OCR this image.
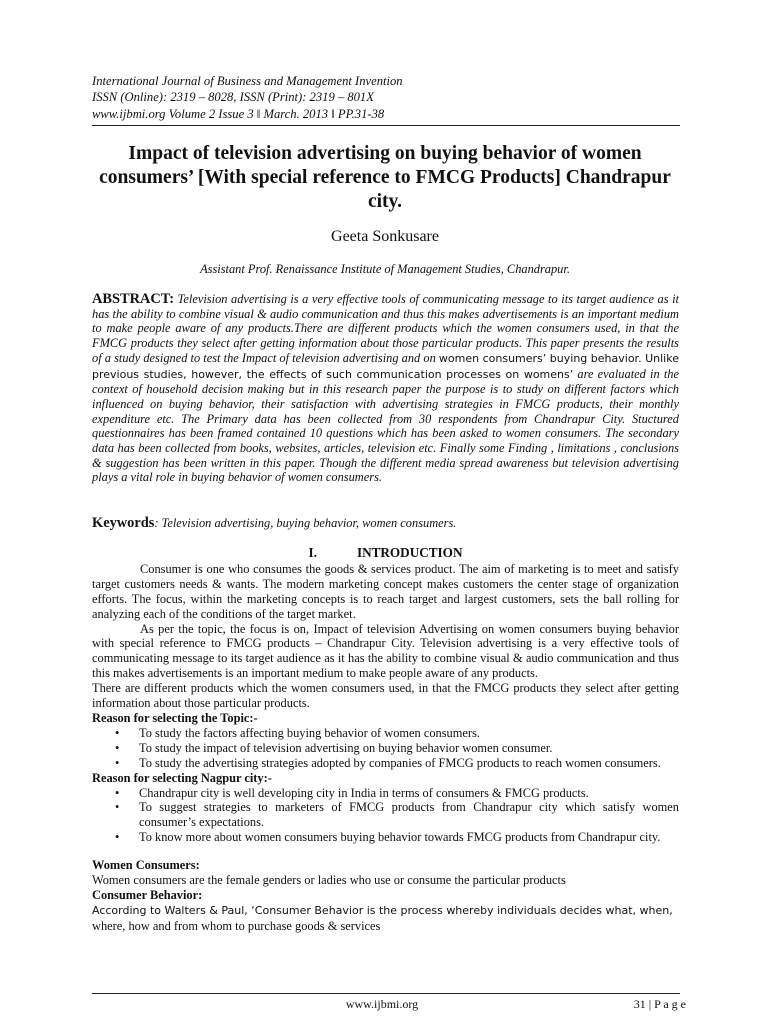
International Journal of Business and Management Invention
ISSN (Online): 2319 – 8028, ISSN (Print): 2319 – 801X
www.ijbmi.org Volume 2 Issue 3 ǁ March. 2013 ǁ PP.31-38
Impact of television advertising on buying behavior of women consumers’ [With special reference to FMCG Products] Chandrapur city.
Geeta Sonkusare
Assistant Prof. Renaissance Institute of Management Studies, Chandrapur.
ABSTRACT: Television advertising is a very effective tools of communicating message to its target audience as it has the ability to combine visual & audio communication and thus this makes advertisements is an important medium to make people aware of any products.There are different products which the women consumers used, in that the FMCG products they select after getting information about those particular products. This paper presents the results of a study designed to test the Impact of television advertising and on women consumers’ buying behavior. Unlike previous studies, however, the effects of such communication processes on womens’ are evaluated in the context of household decision making but in this research paper the purpose is to study on different factors which influenced on buying behavior, their satisfaction with advertising strategies in FMCG products, their monthly expenditure etc. The Primary data has been collected from 30 respondents from Chandrapur City. Stuctured questionnaires has been framed contained 10 questions which has been asked to women consumers. The secondary data has been collected from books, websites, articles, television etc. Finally some Finding , limitations , conclusions & suggestion has been written in this paper. Though the different media spread awareness but television advertising plays a vital role in buying behavior of women consumers.
Keywords: Television advertising, buying behavior, women consumers.
I.	INTRODUCTION

Consumer is one who consumes the goods & services product. The aim of marketing is to meet and satisfy target customers needs & wants. The modern marketing concept makes customers the center stage of organization efforts. The focus, within the marketing concepts is to reach target and largest customers, sets the ball rolling for analyzing each of the conditions of the target market.

As per the topic, the focus is on, Impact of television Advertising on women consumers buying behavior with special reference to FMCG products – Chandrapur City. Television advertising is a very effective tools of communicating message to its target audience as it has the ability to combine visual & audio communication and thus this makes advertisements is an important medium to make people aware of any products.

There are different products which the women consumers used, in that the FMCG products they select after getting information about those particular products.

Reason for selecting the Topic:-

• To study the factors affecting buying behavior of women consumers.
• To study the impact of television advertising on buying behavior women consumer.
• To study the advertising strategies adopted by companies of FMCG products to reach women consumers.

Reason for selecting Nagpur city:-

• Chandrapur city is well developing city in India in terms of consumers & FMCG products.
• To suggest strategies to marketers of FMCG products from Chandrapur city which satisfy women consumer’s expectations.
• To know more about women consumers buying behavior towards FMCG products from Chandrapur city.

Women Consumers:

Women consumers are the female genders or ladies who use or consume the particular products

Consumer Behavior:

According to Walters & Paul, ‘Consumer Behavior is the process whereby individuals decides what, when,
where, how and from whom to purchase goods & services

www.ijbmi.org	31 | P a g e
